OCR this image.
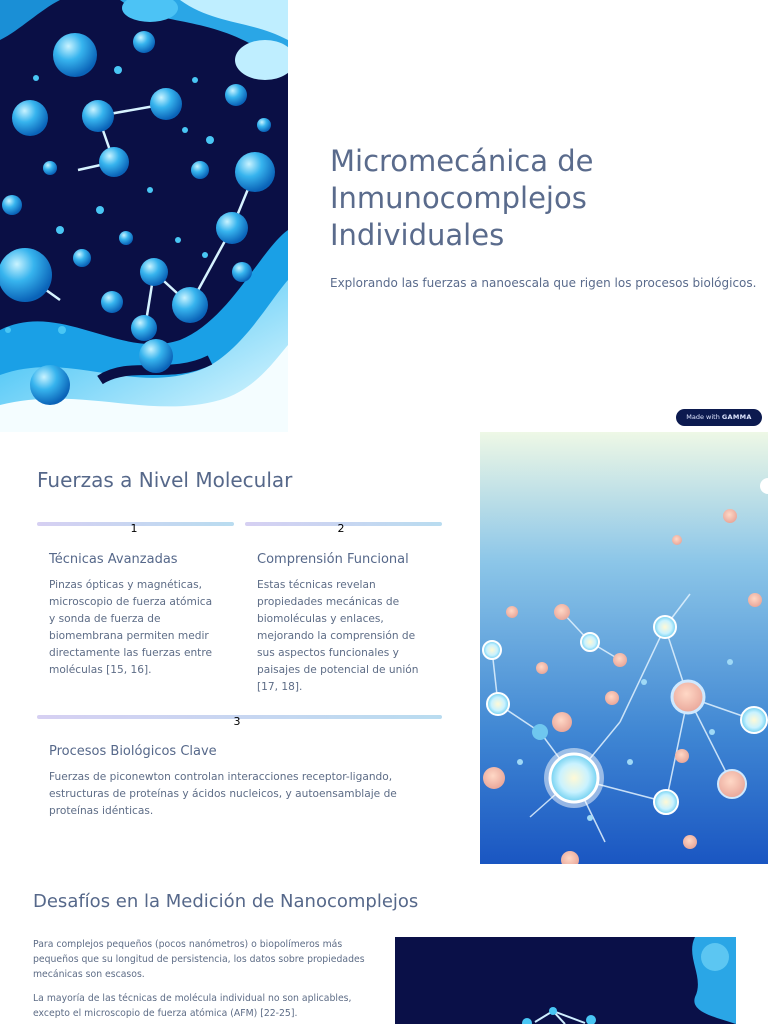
Micromecánica de Inmunocomplejos Individuales

Explorando las fuerzas a nanoescala que rigen los procesos biológicos.

Made with GAMMA
Fuerzas a Nivel Molecular
1
Técnicas Avanzadas

Pinzas ópticas y magnéticas, microscopio de fuerza atómica y sonda de fuerza de biomembrana permiten medir directamente las fuerzas entre moléculas [15, 16].

2
Comprensión Funcional

Estas técnicas revelan propiedades mecánicas de biomoléculas y enlaces, mejorando la comprensión de sus aspectos funcionales y paisajes de potencial de unión [17, 18].

3
Procesos Biológicos Clave

Fuerzas de piconewton controlan interacciones receptor-ligando, estructuras de proteínas y ácidos nucleicos, y autoensamblaje de proteínas idénticas.

Desafíos en la Medición de Nanocomplejos

Para complejos pequeños (pocos nanómetros) o biopolímeros más pequeños que su longitud de persistencia, los datos sobre propiedades mecánicas son escasos.

La mayoría de las técnicas de molécula individual no son aplicables, excepto el microscopio de fuerza atómica (AFM) [22-25].
